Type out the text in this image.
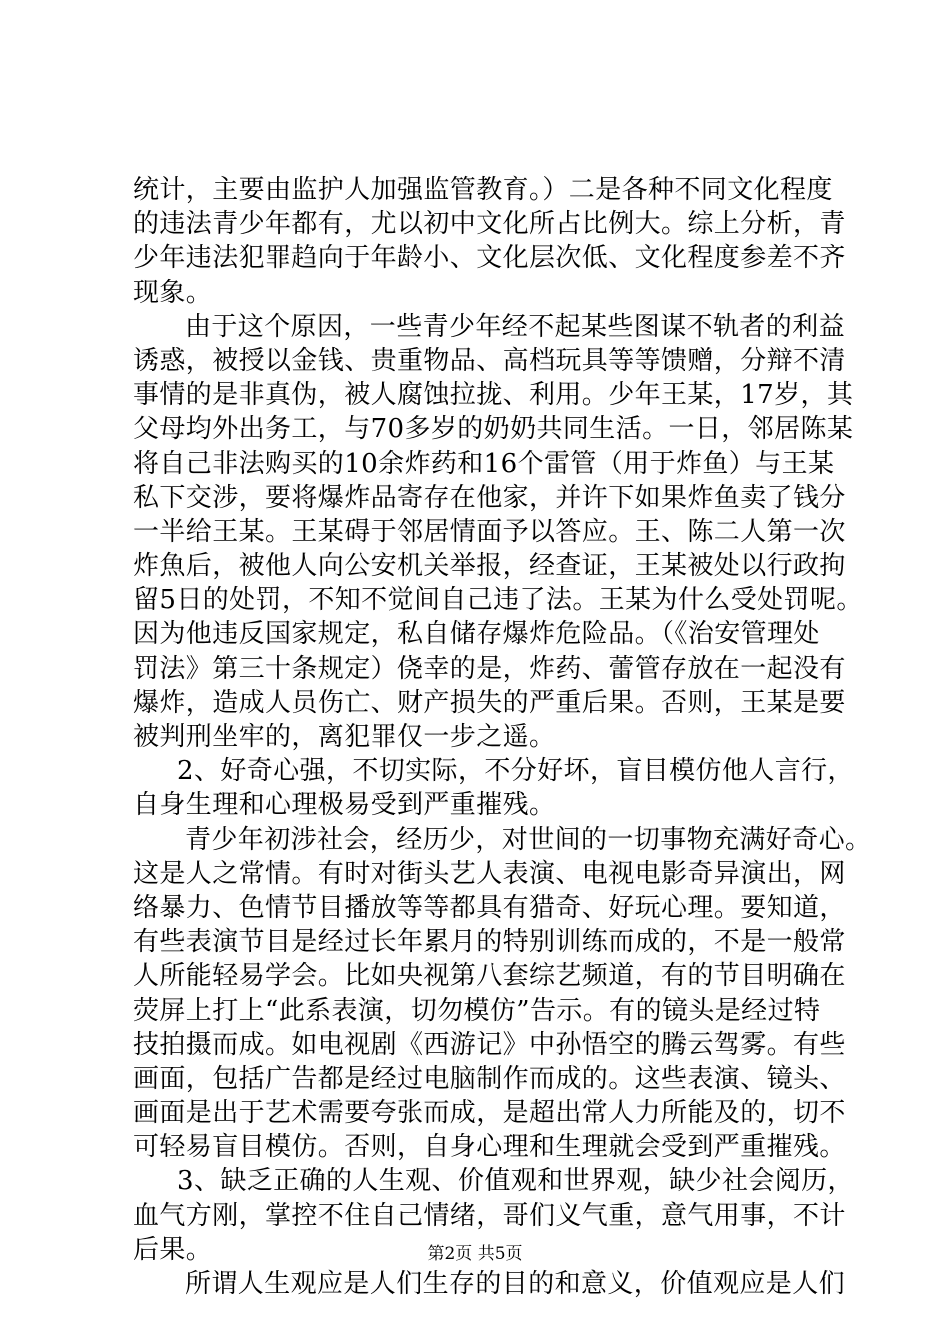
统计，主要由监护人加强监管教育。）二是各种不同文化程度
的违法青少年都有，尤以初中文化所占比例大。综上分析，青
少年违法犯罪趋向于年龄小、文化层次低、文化程度参差不齐
现象。
由于这个原因，一些青少年经不起某些图谋不轨者的利益
诱惑，被授以金钱、贵重物品、高档玩具等等馈赠，分辩不清
事情的是非真伪，被人腐蚀拉拢、利用。少年王某，17岁，其
父母均外出务工，与70多岁的奶奶共同生活。一日，邻居陈某
将自己非法购买的10余炸药和16个雷管（用于炸鱼）与王某
私下交涉，要将爆炸品寄存在他家，并许下如果炸鱼卖了钱分
一半给王某。王某碍于邻居情面予以答应。王、陈二人第一次
炸魚后，被他人向公安机关举报，经查证，王某被处以行政拘
留5日的处罚，不知不觉间自己违了法。王某为什么受处罚呢。
因为他违反国家规定，私自储存爆炸危险品。（《治安管理处
罚法》第三十条规定）侥幸的是，炸药、蕾管存放在一起没有
爆炸，造成人员伤亡、财产损失的严重后果。否则，王某是要
被判刑坐牢的，离犯罪仅一步之遥。
2、好奇心强，不切实际，不分好坏，盲目模仿他人言行，
自身生理和心理极易受到严重摧残。
青少年初涉社会，经历少，对世间的一切事物充满好奇心。
这是人之常情。有时对街头艺人表演、电视电影奇异演出，网
络暴力、色情节目播放等等都具有猎奇、好玩心理。要知道，
有些表演节目是经过长年累月的特别训练而成的，不是一般常
人所能轻易学会。比如央视第八套综艺频道，有的节目明确在
荧屏上打上“此系表演，切勿模仿”告示。有的镜头是经过特
技拍摄而成。如电视剧《西游记》中孙悟空的腾云驾雾。有些
画面，包括广告都是经过电脑制作而成的。这些表演、镜头、
画面是出于艺术需要夸张而成，是超出常人力所能及的，切不
可轻易盲目模仿。否则，自身心理和生理就会受到严重摧残。
3、缺乏正确的人生观、价值观和世界观，缺少社会阅历，
血气方刚，掌控不住自己情绪，哥们义气重，意气用事，不计
后果。
所谓人生观应是人们生存的目的和意义，价值观应是人们
第2页 共5页
